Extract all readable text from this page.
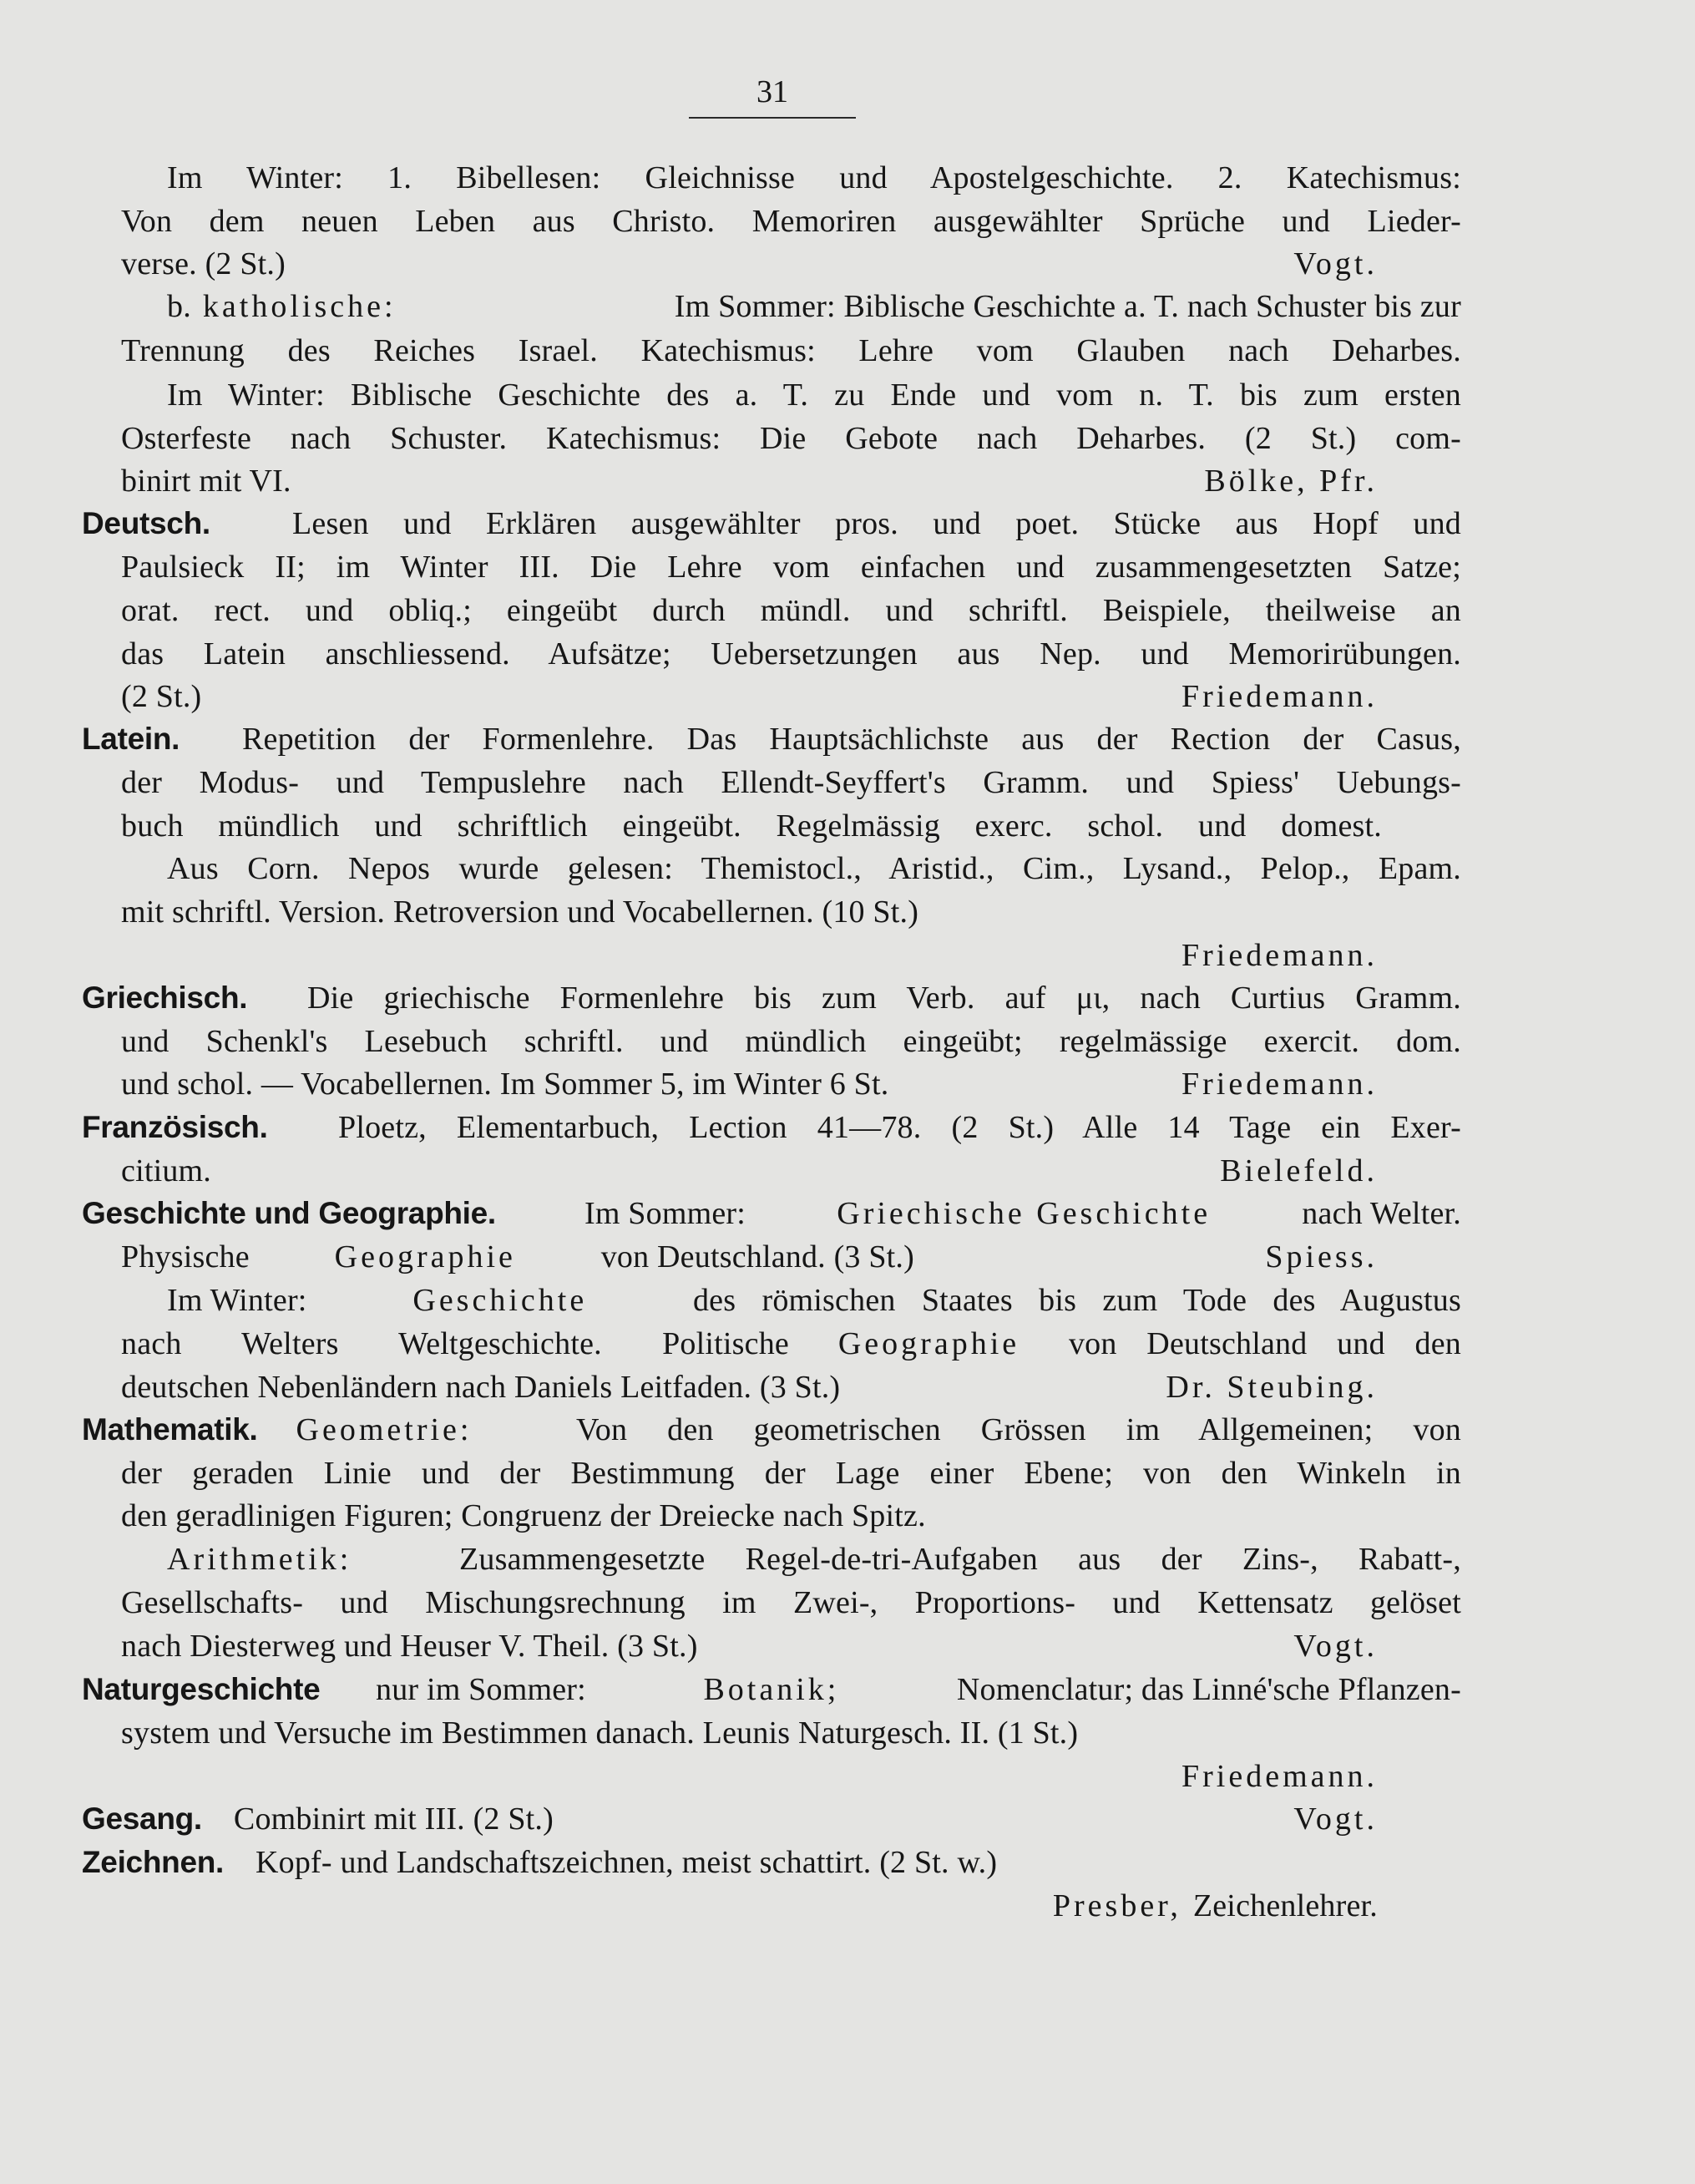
31
Im Winter: 1. Bibellesen: Gleichnisse und Apostelgeschichte. 2. Katechismus:
Von dem neuen Leben aus Christo. Memoriren ausgewählter Sprüche und Lieder-
verse. (2 St.)	Vogt.
b. katholische:	Im Sommer: Biblische Geschichte a. T. nach Schuster bis zur
Trennung des Reiches Israel. Katechismus: Lehre vom Glauben nach Deharbes.
Im Winter: Biblische Geschichte des a. T. zu Ende und vom n. T. bis zum ersten
Osterfeste nach Schuster. Katechismus: Die Gebote nach Deharbes. (2 St.) com-
binirt mit VI.	Bölke, Pfr.
Deutsch.	Lesen und Erklären ausgewählter pros. und poet. Stücke aus Hopf und
Paulsieck II; im Winter III. Die Lehre vom einfachen und zusammengesetzten Satze;
orat. rect. und obliq.; eingeübt durch mündl. und schriftl. Beispiele, theilweise an
das Latein anschliessend. Aufsätze; Uebersetzungen aus Nep. und Memorirübungen.
(2 St.)	Friedemann.
Latein. Repetition der Formenlehre. Das Hauptsächlichste aus der Rection der Casus,
der Modus- und Tempuslehre nach Ellendt-Seyffert's Gramm. und Spiess' Uebungs-
buch mündlich und schriftlich eingeübt. Regelmässig exerc. schol. und domest.
Aus Corn. Nepos wurde gelesen: Themistocl., Aristid., Cim., Lysand., Pelop., Epam.
mit schriftl. Version. Retroversion und Vocabellernen. (10 St.)
Friedemann.
Griechisch. Die griechische Formenlehre bis zum Verb. auf μι, nach Curtius Gramm.
und Schenkl's Lesebuch schriftl. und mündlich eingeübt; regelmässige exercit. dom.
und schol. — Vocabellernen. Im Sommer 5, im Winter 6 St.	Friedemann.
Französisch. Ploetz, Elementarbuch, Lection 41—78. (2 St.) Alle 14 Tage ein Exer-
citium.	Bielefeld.
Geschichte und Geographie.	Im Sommer:	Griechische Geschichte	nach Welter.
Physische	Geographie	von Deutschland. (3 St.)	Spiess.
Im Winter:	Geschichte	des römischen Staates bis zum Tode des Augustus
nach Welters Weltgeschichte. Politische Geographie von Deutschland und den
deutschen Nebenländern nach Daniels Leitfaden. (3 St.)	Dr. Steubing.
Mathematik. Geometrie:	Von den geometrischen Grössen im Allgemeinen; von
der geraden Linie und der Bestimmung der Lage einer Ebene; von den Winkeln in
den geradlinigen Figuren; Congruenz der Dreiecke nach Spitz.
Arithmetik:	Zusammengesetzte Regel-de-tri-Aufgaben aus der Zins-, Rabatt-,
Gesellschafts- und Mischungsrechnung im Zwei-, Proportions- und Kettensatz gelöset
nach Diesterweg und Heuser V. Theil. (3 St.)	Vogt.
Naturgeschichte nur im Sommer:	Botanik;	Nomenclatur; das Linné'sche Pflanzen-
system und Versuche im Bestimmen danach. Leunis Naturgesch. II. (1 St.)
Friedemann.
Gesang. Combinirt mit III. (2 St.)	Vogt.
Zeichnen. Kopf- und Landschaftszeichnen, meist schattirt. (2 St. w.)
Presber, Zeichenlehrer.
